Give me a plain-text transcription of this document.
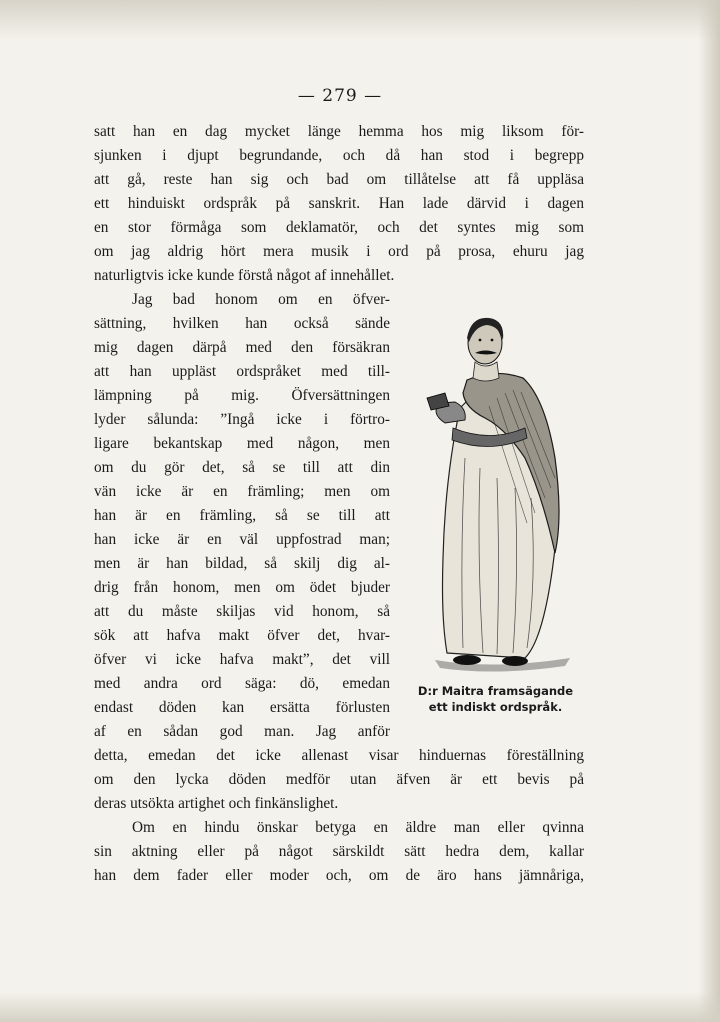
— 279 —
satt han en dag mycket länge hemma hos mig liksom för-
sjunken i djupt begrundande, och då han stod i begrepp
att gå, reste han sig och bad om tillåtelse att få uppläsa
ett hinduiskt ordspråk på sanskrit. Han lade därvid i dagen
en stor förmåga som deklamatör, och det syntes mig som
om jag aldrig hört mera musik i ord på prosa, ehuru jag
naturligtvis icke kunde förstå något af innehållet.
Jag bad honom om en öfver-
sättning, hvilken han också sände
mig dagen därpå med den försäkran
att han uppläst ordspråket med till-
lämpning på mig. Öfversättningen
lyder sålunda: ”Ingå icke i förtro-
ligare bekantskap med någon, men
om du gör det, så se till att din
vän icke är en främling; men om
han är en främling, så se till att
han icke är en väl uppfostrad man;
men är han bildad, så skilj dig al-
drig från honom, men om ödet bjuder
att du måste skiljas vid honom, så
sök att hafva makt öfver det, hvar-
öfver vi icke hafva makt”, det vill
med andra ord säga: dö, emedan
endast döden kan ersätta förlusten
af en sådan god man. Jag anför
D:r Maitra framsägande
ett indiskt ordspråk.
detta, emedan det icke allenast visar hinduernas föreställning
om den lycka döden medför utan äfven är ett bevis på
deras utsökta artighet och finkänslighet.
Om en hindu önskar betyga en äldre man eller qvinna
sin aktning eller på något särskildt sätt hedra dem, kallar
han dem fader eller moder och, om de äro hans jämnåriga,
